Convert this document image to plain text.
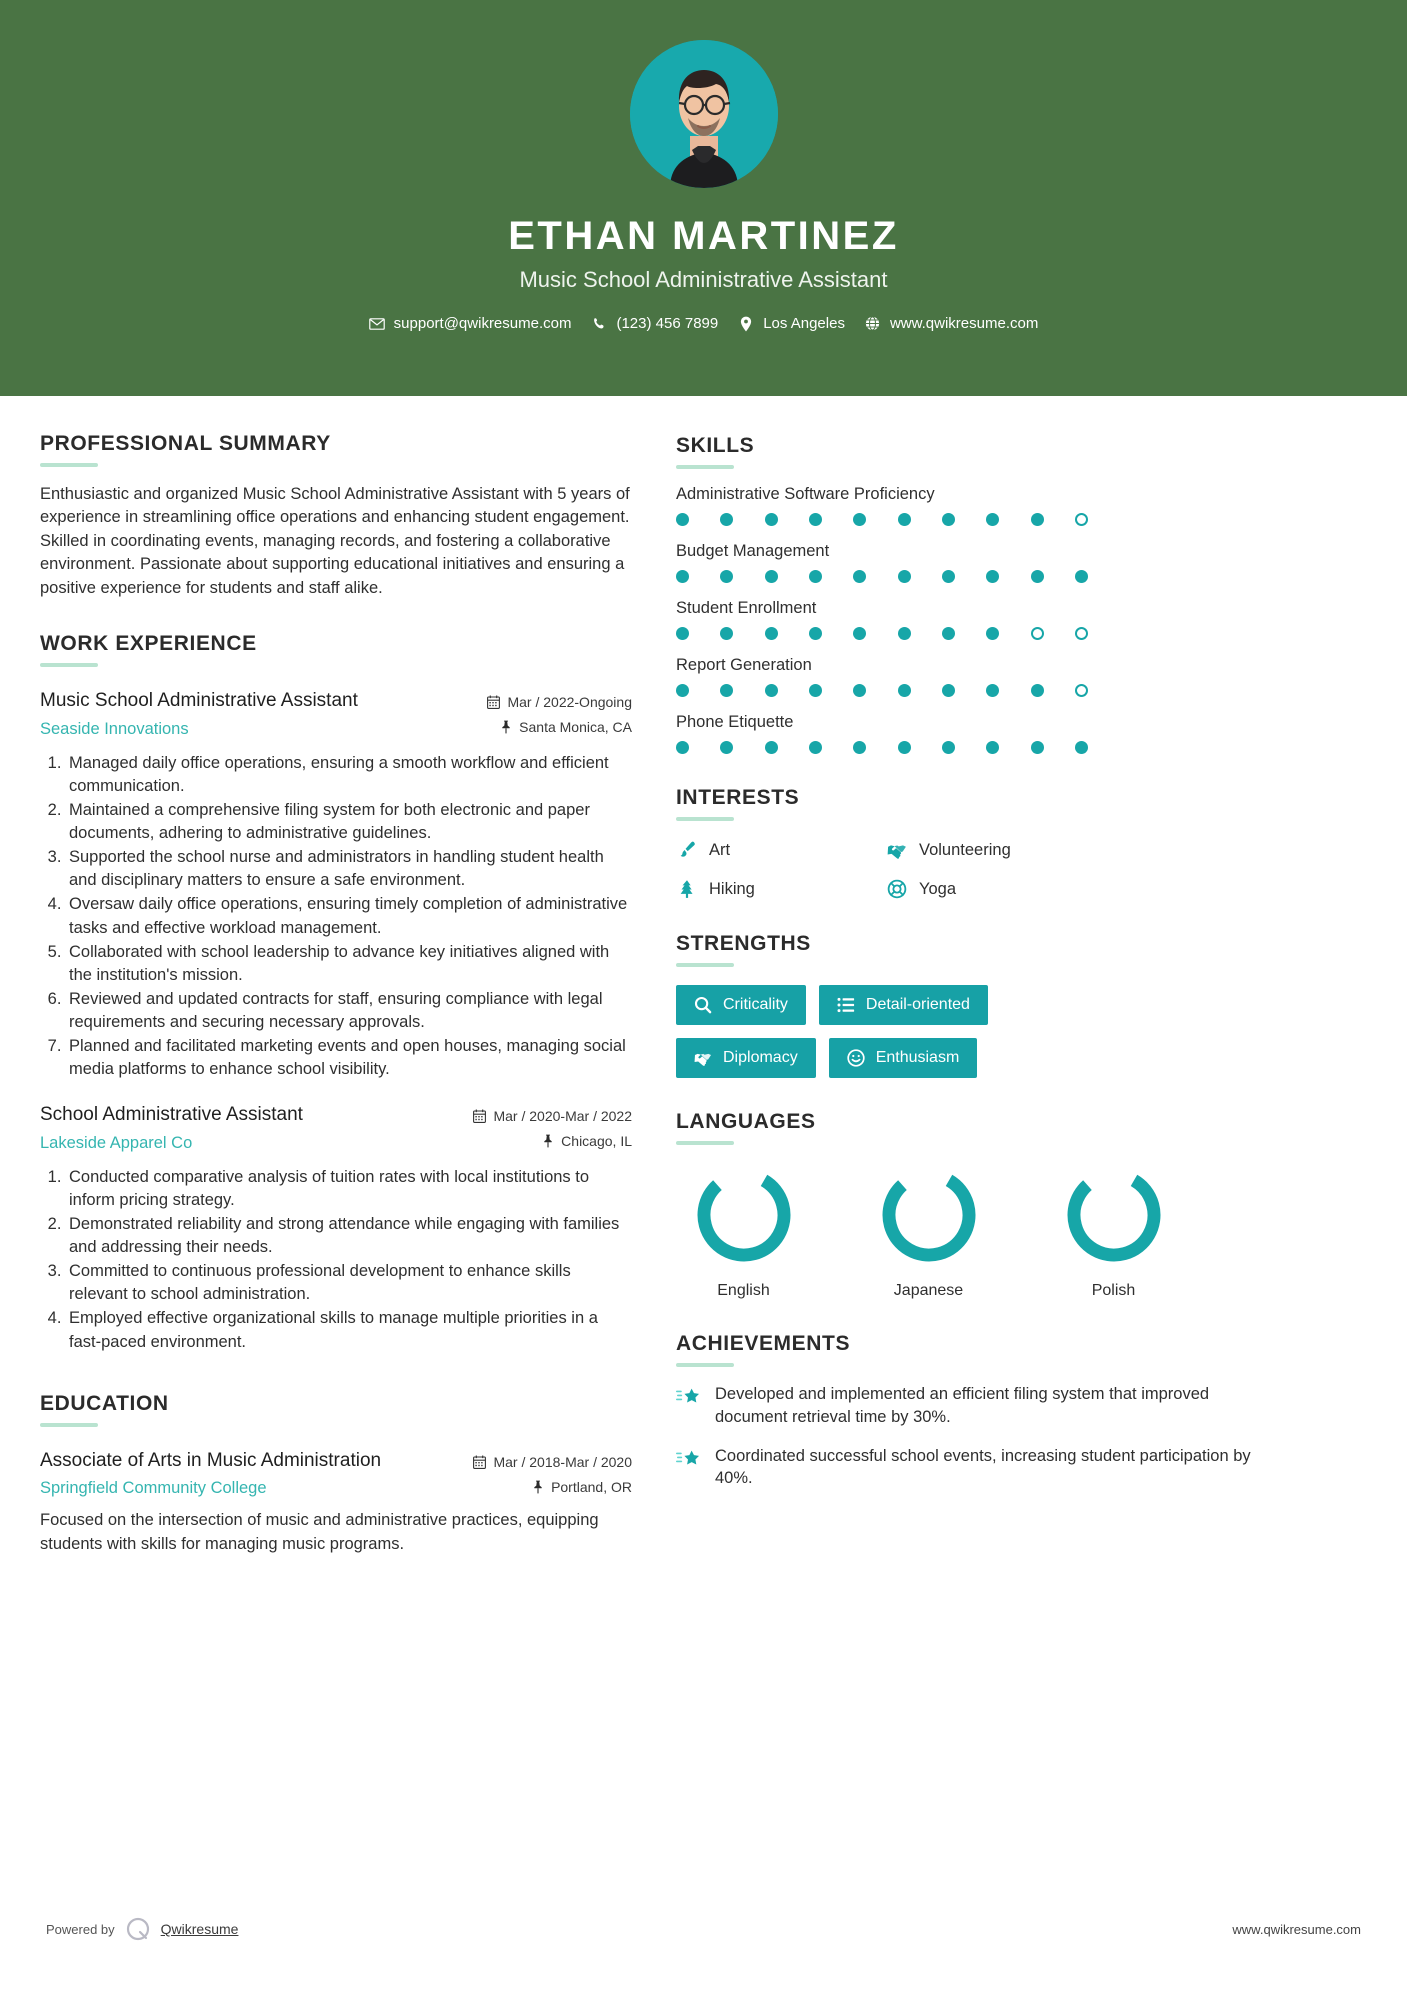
ETHAN MARTINEZ
Music School Administrative Assistant
support@qwikresume.com	(123) 456 7899	Los Angeles	www.qwikresume.com
PROFESSIONAL SUMMARY
Enthusiastic and organized Music School Administrative Assistant with 5 years of experience in streamlining office operations and enhancing student engagement. Skilled in coordinating events, managing records, and fostering a collaborative environment. Passionate about supporting educational initiatives and ensuring a positive experience for students and staff alike.
WORK EXPERIENCE
Music School Administrative Assistant
Seaside Innovations
Mar / 2022-Ongoing
Santa Monica, CA
1. Managed daily office operations, ensuring a smooth workflow and efficient communication.
2. Maintained a comprehensive filing system for both electronic and paper documents, adhering to administrative guidelines.
3. Supported the school nurse and administrators in handling student health and disciplinary matters to ensure a safe environment.
4. Oversaw daily office operations, ensuring timely completion of administrative tasks and effective workload management.
5. Collaborated with school leadership to advance key initiatives aligned with the institution's mission.
6. Reviewed and updated contracts for staff, ensuring compliance with legal requirements and securing necessary approvals.
7. Planned and facilitated marketing events and open houses, managing social media platforms to enhance school visibility.
School Administrative Assistant
Lakeside Apparel Co
Mar / 2020-Mar / 2022
Chicago, IL
1. Conducted comparative analysis of tuition rates with local institutions to inform pricing strategy.
2. Demonstrated reliability and strong attendance while engaging with families and addressing their needs.
3. Committed to continuous professional development to enhance skills relevant to school administration.
4. Employed effective organizational skills to manage multiple priorities in a fast-paced environment.
EDUCATION
Associate of Arts in Music Administration
Springfield Community College
Mar / 2018-Mar / 2020
Portland, OR
Focused on the intersection of music and administrative practices, equipping students with skills for managing music programs.
SKILLS
Administrative Software Proficiency
Budget Management
Student Enrollment
Report Generation
Phone Etiquette
INTERESTS
Art	Volunteering
Hiking	Yoga
STRENGTHS
Criticality	Detail-oriented
Diplomacy	Enthusiasm
LANGUAGES
English	Japanese	Polish
ACHIEVEMENTS
Developed and implemented an efficient filing system that improved document retrieval time by 30%.
Coordinated successful school events, increasing student participation by 40%.
Powered by	Qwikresume	www.qwikresume.com
